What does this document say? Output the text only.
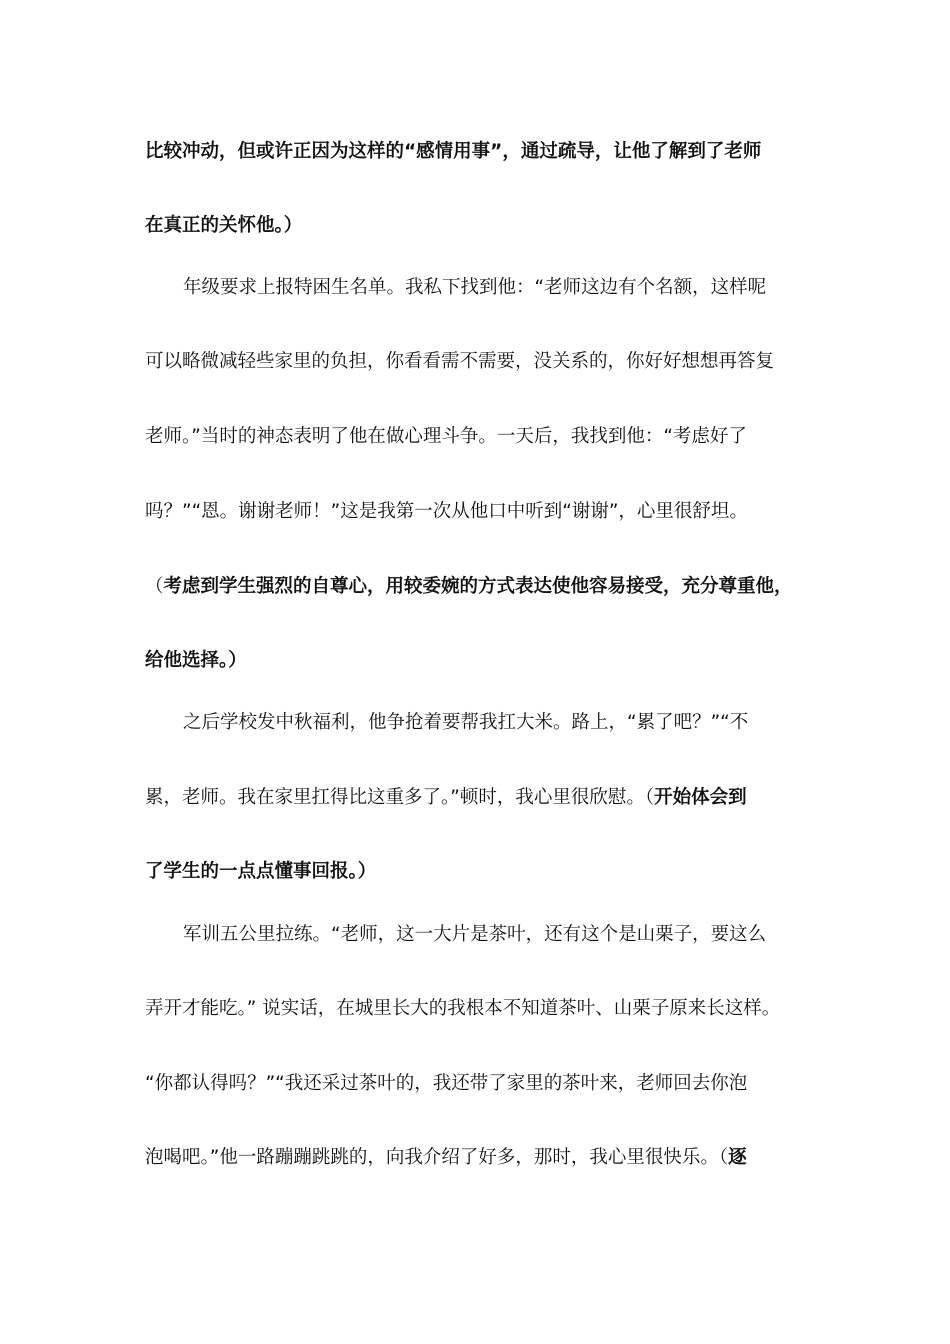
比较冲动，但或许正因为这样的“感情用事”，通过疏导，让他了解到了老师
在真正的关怀他。）
年级要求上报特困生名单。我私下找到他：“老师这边有个名额，这样呢
可以略微减轻些家里的负担，你看看需不需要，没关系的，你好好想想再答复
老师。”当时的神态表明了他在做心理斗争。一天后，我找到他：“考虑好了
吗？”“恩。谢谢老师！”这是我第一次从他口中听到“谢谢”，心里很舒坦。
（考虑到学生强烈的自尊心，用较委婉的方式表达使他容易接受，充分尊重他，
给他选择。）
之后学校发中秋福利，他争抢着要帮我扛大米。路上，“累了吧？”“不
累，老师。我在家里扛得比这重多了。”顿时，我心里很欣慰。（开始体会到
了学生的一点点懂事回报。）
军训五公里拉练。“老师，这一大片是茶叶，还有这个是山栗子，要这么
弄开才能吃。” 说实话，在城里长大的我根本不知道茶叶、山栗子原来长这样。
“你都认得吗？”“我还采过茶叶的，我还带了家里的茶叶来，老师回去你泡
泡喝吧。”他一路蹦蹦跳跳的，向我介绍了好多，那时，我心里很快乐。（逐
